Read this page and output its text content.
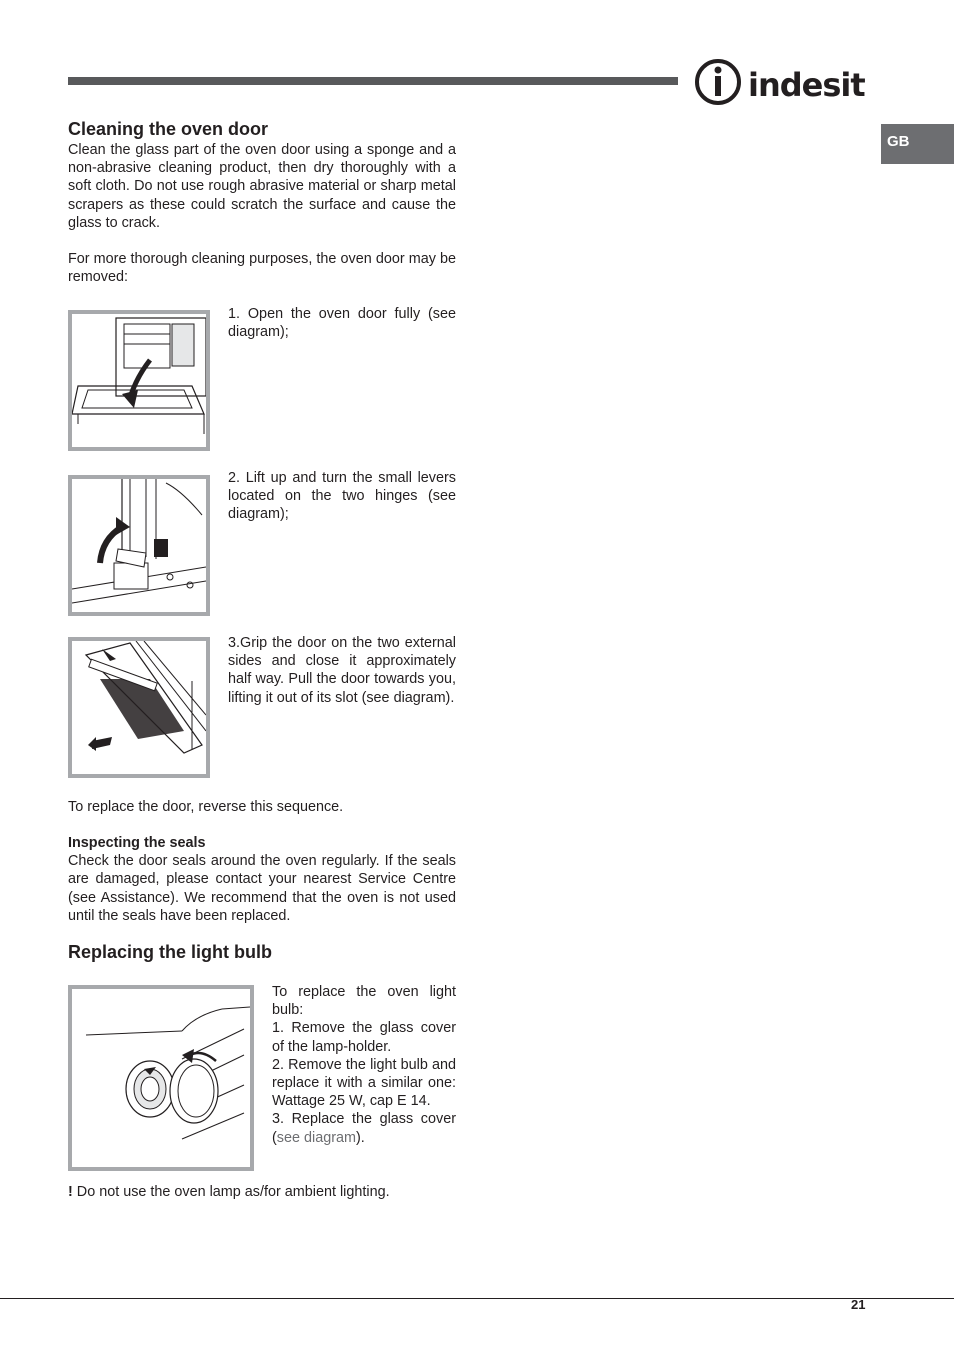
indesit
GB
Cleaning the oven door

Clean the glass part of the oven door using a sponge and a non-abrasive cleaning product, then dry thoroughly with a soft cloth. Do not use rough abrasive material or sharp metal scrapers as these could scratch the surface and cause the glass to crack.

For more thorough cleaning purposes, the oven door may be removed:

1. Open the oven door fully (see diagram);
2. Lift up and turn the small levers located on the two hinges (see diagram);
3.Grip the door on the two external sides and close it approximately half way. Pull the door towards you, lifting it out of its slot (see diagram).

To replace the door, reverse this sequence.

Inspecting the seals

Check the door seals around the oven regularly. If the seals are damaged, please contact your nearest Service Centre (see Assistance). We recommend that the oven is not used until the seals have been replaced.

Replacing the light bulb
To replace the oven light bulb:
1. Remove the glass cover of the lamp-holder.
2. Remove the light bulb and replace it with a similar one: Wattage 25 W, cap E 14.
3. Replace the glass cover (see diagram).

! Do not use the oven lamp as/for ambient lighting.

21
